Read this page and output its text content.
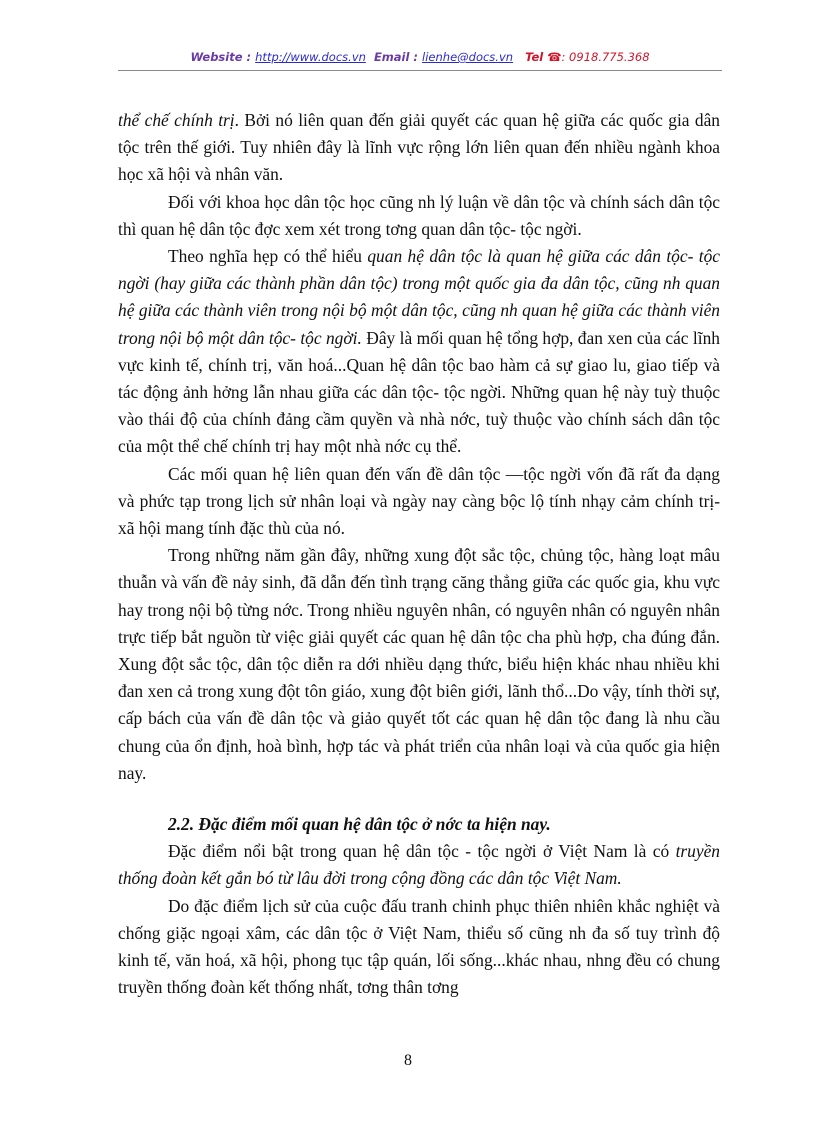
Website : http://www.docs.vn Email : lienhe@docs.vn Tel ☎: 0918.775.368

thể chế chính trị. Bởi nó liên quan đến giải quyết các quan hệ giữa các quốc gia dân tộc trên thế giới. Tuy nhiên đây là lĩnh vực rộng lớn liên quan đến nhiều ngành khoa học xã hội và nhân văn.

Đối với khoa học dân tộc học cũng nh lý luận về dân tộc và chính sách dân tộc thì quan hệ dân tộc đợc xem xét trong tơng quan dân tộc- tộc ngời.

Theo nghĩa hẹp có thể hiểu quan hệ dân tộc là quan hệ giữa các dân tộc- tộc ngời (hay giữa các thành phần dân tộc) trong một quốc gia đa dân tộc, cũng nh quan hệ giữa các thành viên trong nội bộ một dân tộc, cũng nh quan hệ giữa các thành viên trong nội bộ một dân tộc- tộc ngời. Đây là mối quan hệ tổng hợp, đan xen của các lĩnh vực kinh tế, chính trị, văn hoá...Quan hệ dân tộc bao hàm cả sự giao lu, giao tiếp và tác động ảnh hởng lẫn nhau giữa các dân tộc- tộc ngời. Những quan hệ này tuỳ thuộc vào thái độ của chính đảng cầm quyền và nhà nớc, tuỳ thuộc vào chính sách dân tộc của một thể chế chính trị hay một nhà nớc cụ thể.

Các mối quan hệ liên quan đến vấn đề dân tộc —tộc ngời vốn đã rất đa dạng và phức tạp trong lịch sử nhân loại và ngày nay càng bộc lộ tính nhạy cảm chính trị- xã hội mang tính đặc thù của nó.

Trong những năm gần đây, những xung đột sắc tộc, chủng tộc, hàng loạt mâu thuẫn và vấn đề nảy sinh, đã dẫn đến tình trạng căng thẳng giữa các quốc gia, khu vực hay trong nội bộ từng nớc. Trong nhiều nguyên nhân, có nguyên nhân có nguyên nhân trực tiếp bắt nguồn từ việc giải quyết các quan hệ dân tộc cha phù hợp, cha đúng đắn. Xung đột sắc tộc, dân tộc diễn ra dới nhiều dạng thức, biểu hiện khác nhau nhiều khi đan xen cả trong xung đột tôn giáo, xung đột biên giới, lãnh thổ...Do vậy, tính thời sự, cấp bách của vấn đề dân tộc và giảo quyết tốt các quan hệ dân tộc đang là nhu cầu chung của ổn định, hoà bình, hợp tác và phát triển của nhân loại và của quốc gia hiện nay.

2.2. Đặc điểm mối quan hệ dân tộc ở nớc ta hiện nay.

Đặc điểm nổi bật trong quan hệ dân tộc - tộc ngời ở Việt Nam là có truyền thống đoàn kết gắn bó từ lâu đời trong cộng đồng các dân tộc Việt Nam.

Do đặc điểm lịch sử của cuộc đấu tranh chinh phục thiên nhiên khắc nghiệt và chống giặc ngoại xâm, các dân tộc ở Việt Nam, thiểu số cũng nh đa số tuy trình độ kinh tế, văn hoá, xã hội, phong tục tập quán, lối sống...khác nhau, nhng đều có chung truyền thống đoàn kết thống nhất, tơng thân tơng

8
